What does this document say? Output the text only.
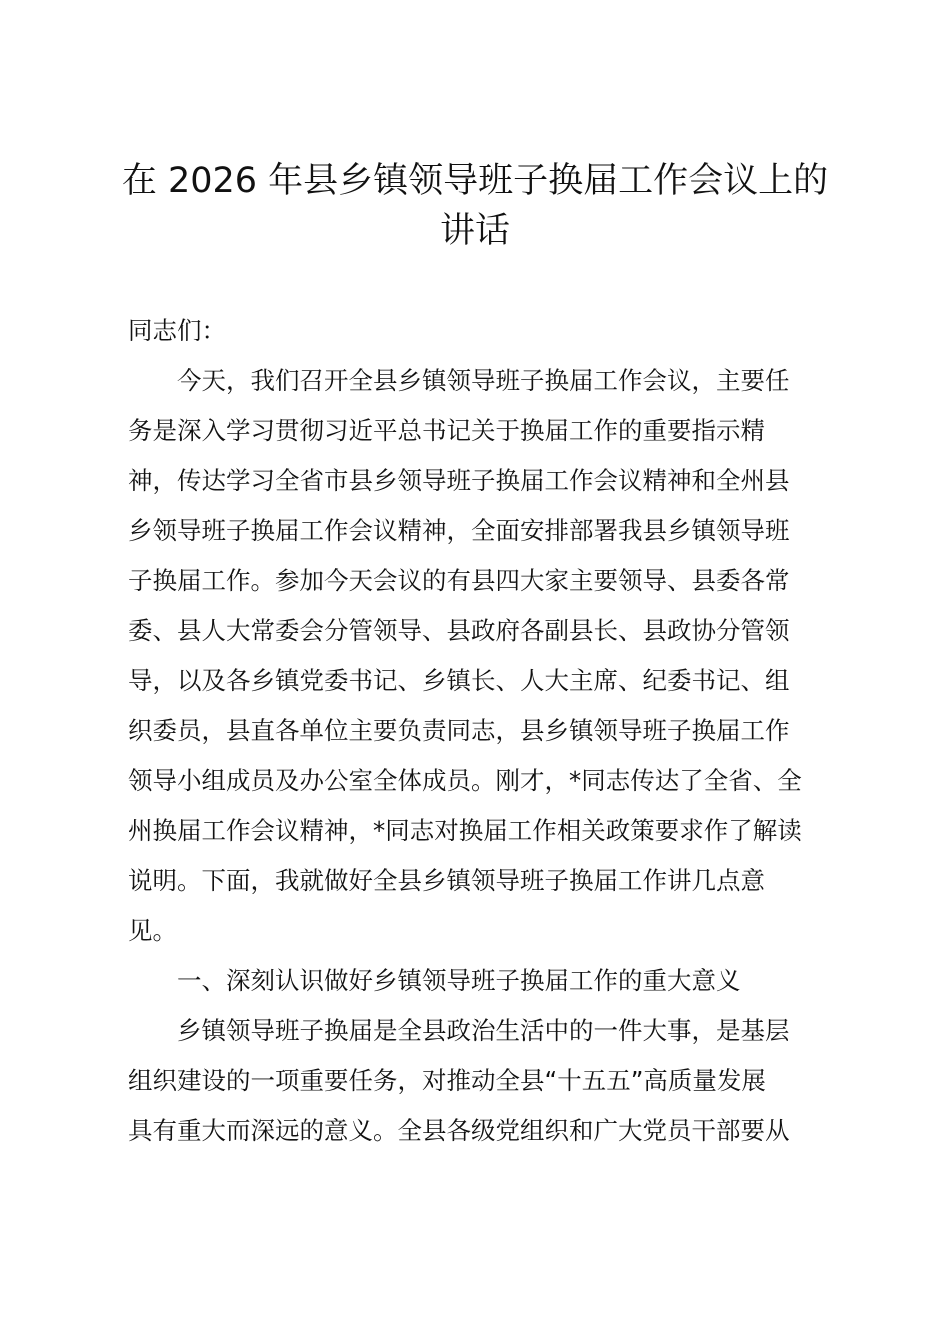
在 2026 年县乡镇领导班子换届工作会议上的
讲话
同志们：
今天，我们召开全县乡镇领导班子换届工作会议，主要任
务是深入学习贯彻习近平总书记关于换届工作的重要指示精
神，传达学习全省市县乡领导班子换届工作会议精神和全州县
乡领导班子换届工作会议精神，全面安排部署我县乡镇领导班
子换届工作。参加今天会议的有县四大家主要领导、县委各常
委、县人大常委会分管领导、县政府各副县长、县政协分管领
导，以及各乡镇党委书记、乡镇长、人大主席、纪委书记、组
织委员，县直各单位主要负责同志，县乡镇领导班子换届工作
领导小组成员及办公室全体成员。刚才，*同志传达了全省、全
州换届工作会议精神，*同志对换届工作相关政策要求作了解读
说明。下面，我就做好全县乡镇领导班子换届工作讲几点意
见。
一、深刻认识做好乡镇领导班子换届工作的重大意义
乡镇领导班子换届是全县政治生活中的一件大事，是基层
组织建设的一项重要任务，对推动全县“十五五”高质量发展
具有重大而深远的意义。全县各级党组织和广大党员干部要从
